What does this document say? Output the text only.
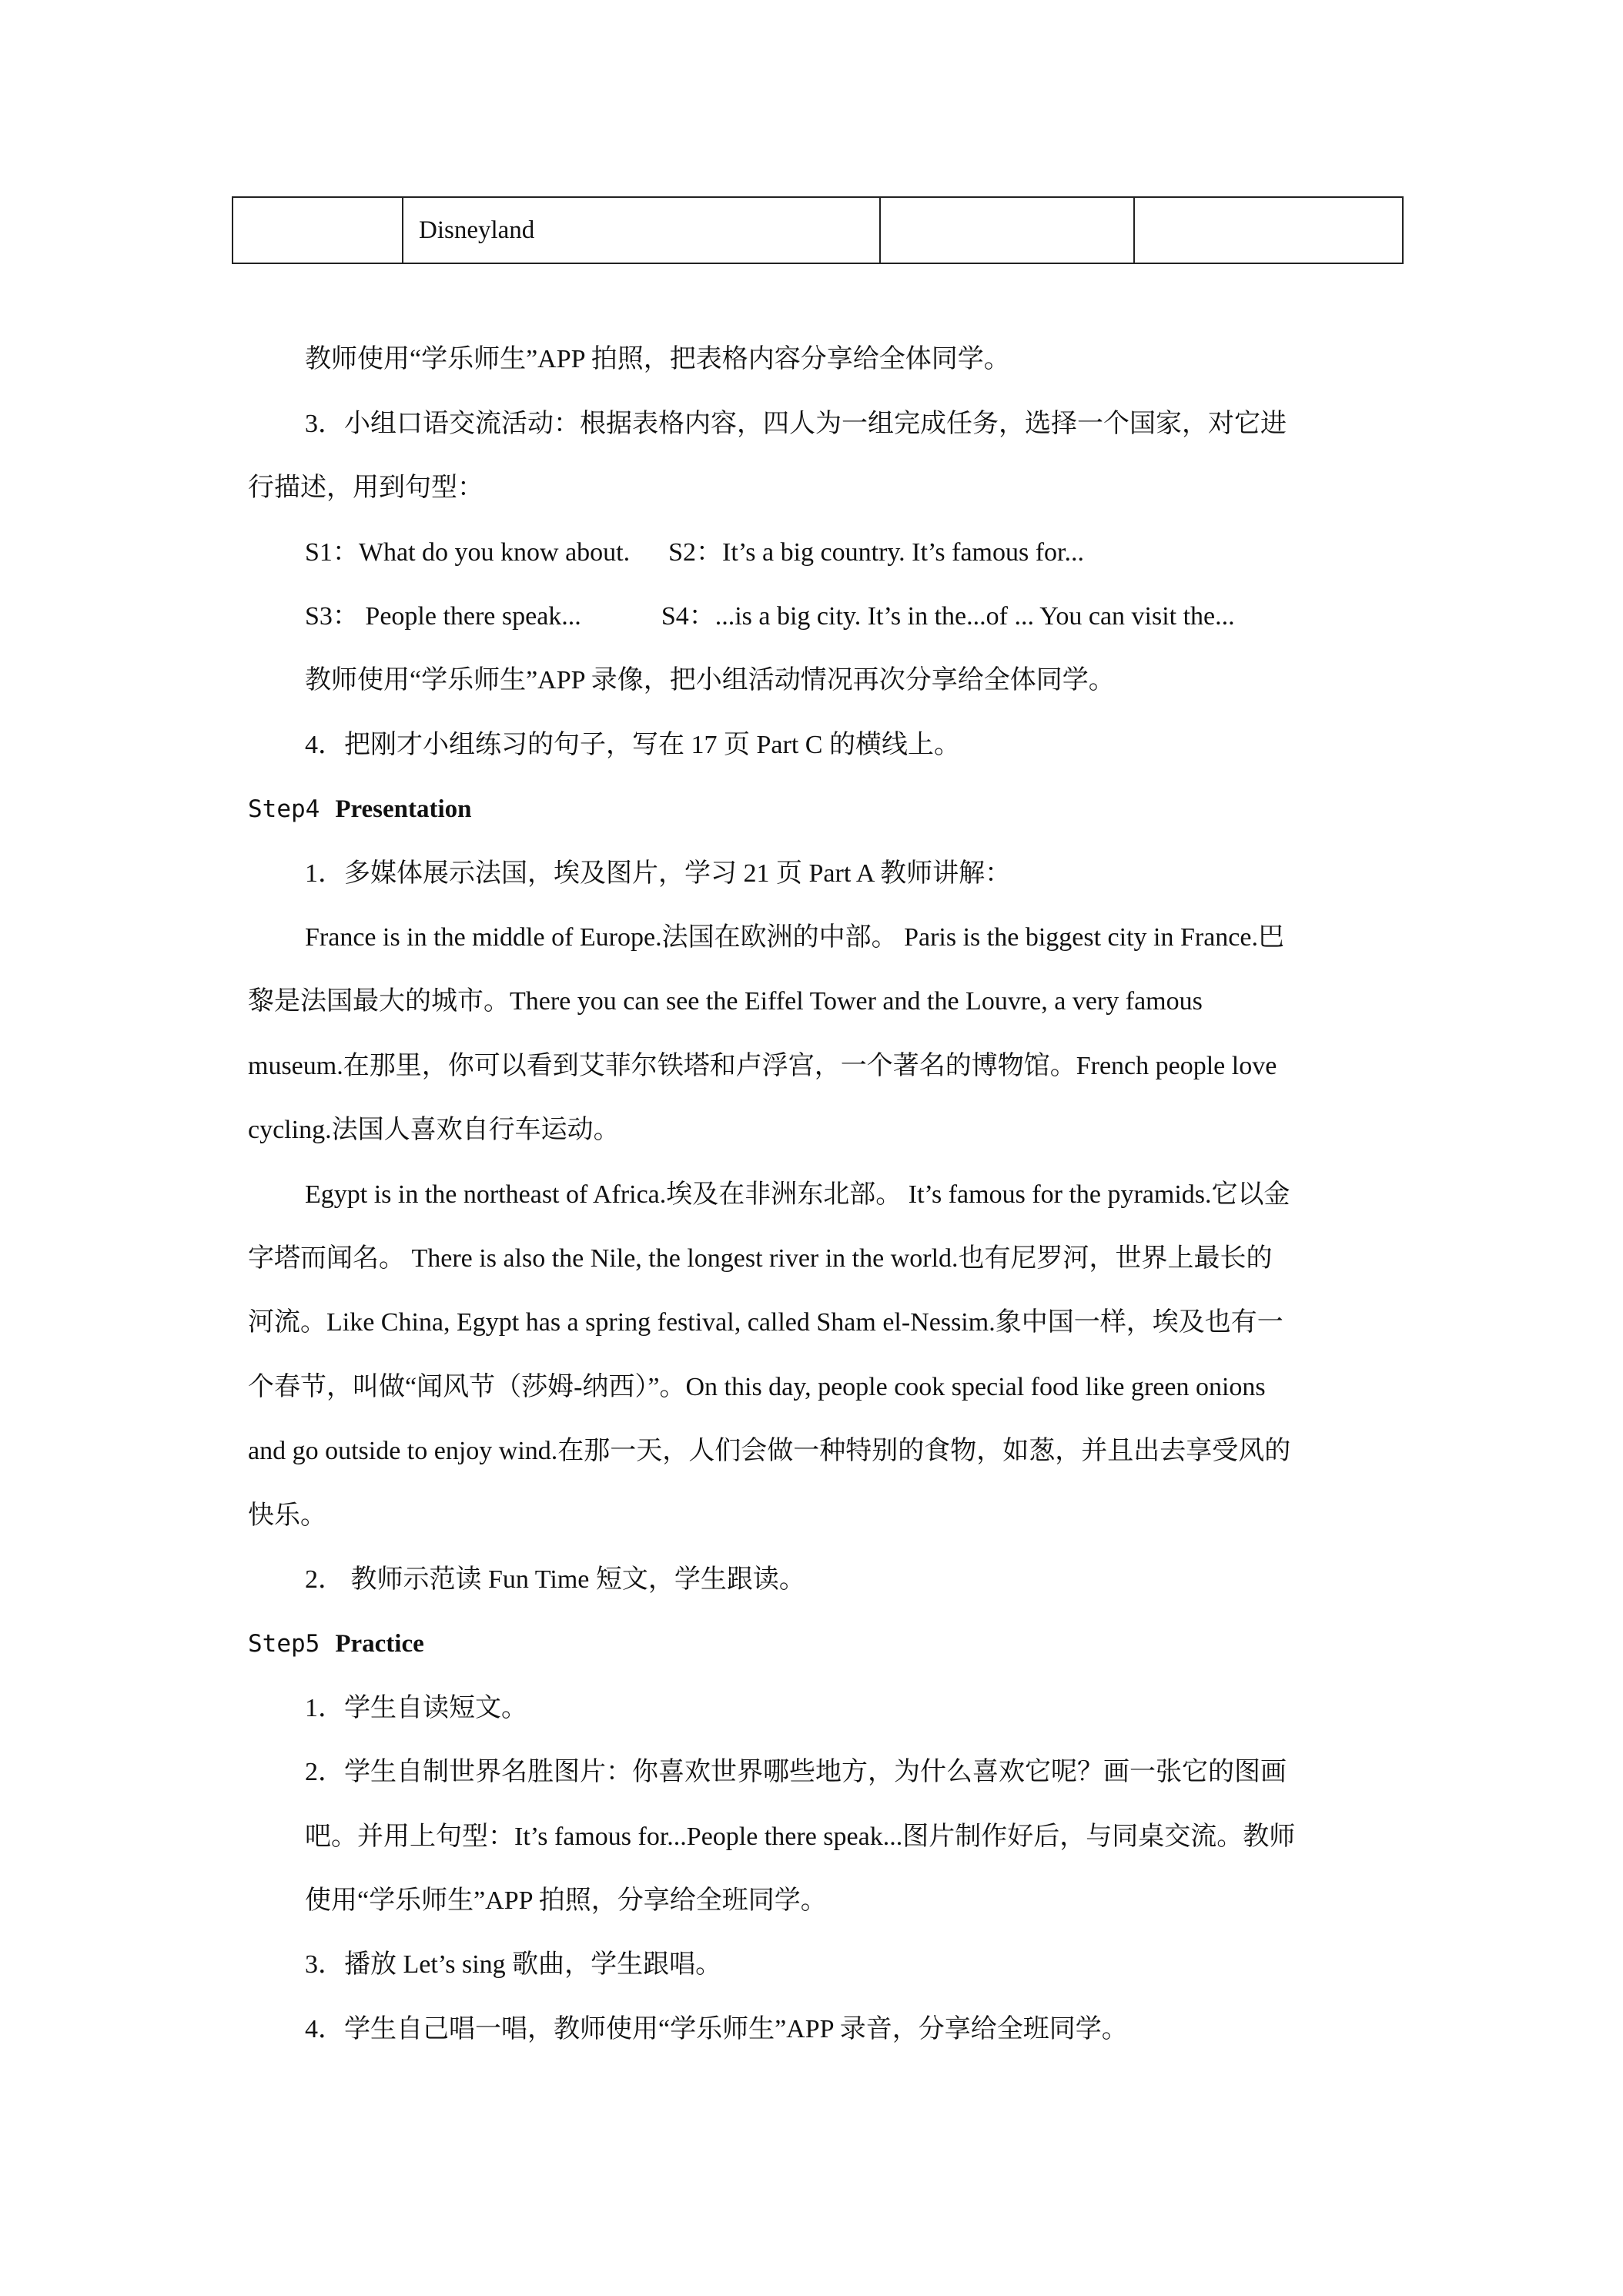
	Disneyland		
教师使用“学乐师生”APP 拍照，把表格内容分享给全体同学。
3．小组口语交流活动：根据表格内容，四人为一组完成任务，选择一个国家，对它进
行描述，用到句型：
S1：What do you know about. S2：It’s a big country. It’s famous for...
S3： People there speak...	S4：...is a big city. It’s in the...of ... You can visit the...
教师使用“学乐师生”APP 录像，把小组活动情况再次分享给全体同学。
4．把刚才小组练习的句子，写在 17 页 Part C 的横线上。
Step4 Presentation
1．多媒体展示法国，埃及图片，学习 21 页 Part A 教师讲解：
France is in the middle of Europe.法国在欧洲的中部。 Paris is the biggest city in France.巴
黎是法国最大的城市。There you can see the Eiffel Tower and the Louvre, a very famous
museum.在那里，你可以看到艾菲尔铁塔和卢浮宫，一个著名的博物馆。French people love
cycling.法国人喜欢自行车运动。
Egypt is in the northeast of Africa.埃及在非洲东北部。 It’s famous for the pyramids.它以金
字塔而闻名。 There is also the Nile, the longest river in the world.也有尼罗河，世界上最长的
河流。Like China, Egypt has a spring festival, called Sham el-Nessim.象中国一样，埃及也有一
个春节，叫做“闻风节（莎姆-纳西）”。On this day, people cook special food like green onions
and go outside to enjoy wind.在那一天，人们会做一种特别的食物，如葱，并且出去享受风的
快乐。
2． 教师示范读 Fun Time 短文，学生跟读。
Step5 Practice
1．学生自读短文。
2．学生自制世界名胜图片：你喜欢世界哪些地方，为什么喜欢它呢？画一张它的图画
吧。并用上句型：It’s famous for...People there speak...图片制作好后，与同桌交流。教师
使用“学乐师生”APP 拍照，分享给全班同学。
3．播放 Let’s sing 歌曲，学生跟唱。
4．学生自己唱一唱，教师使用“学乐师生”APP 录音，分享给全班同学。
